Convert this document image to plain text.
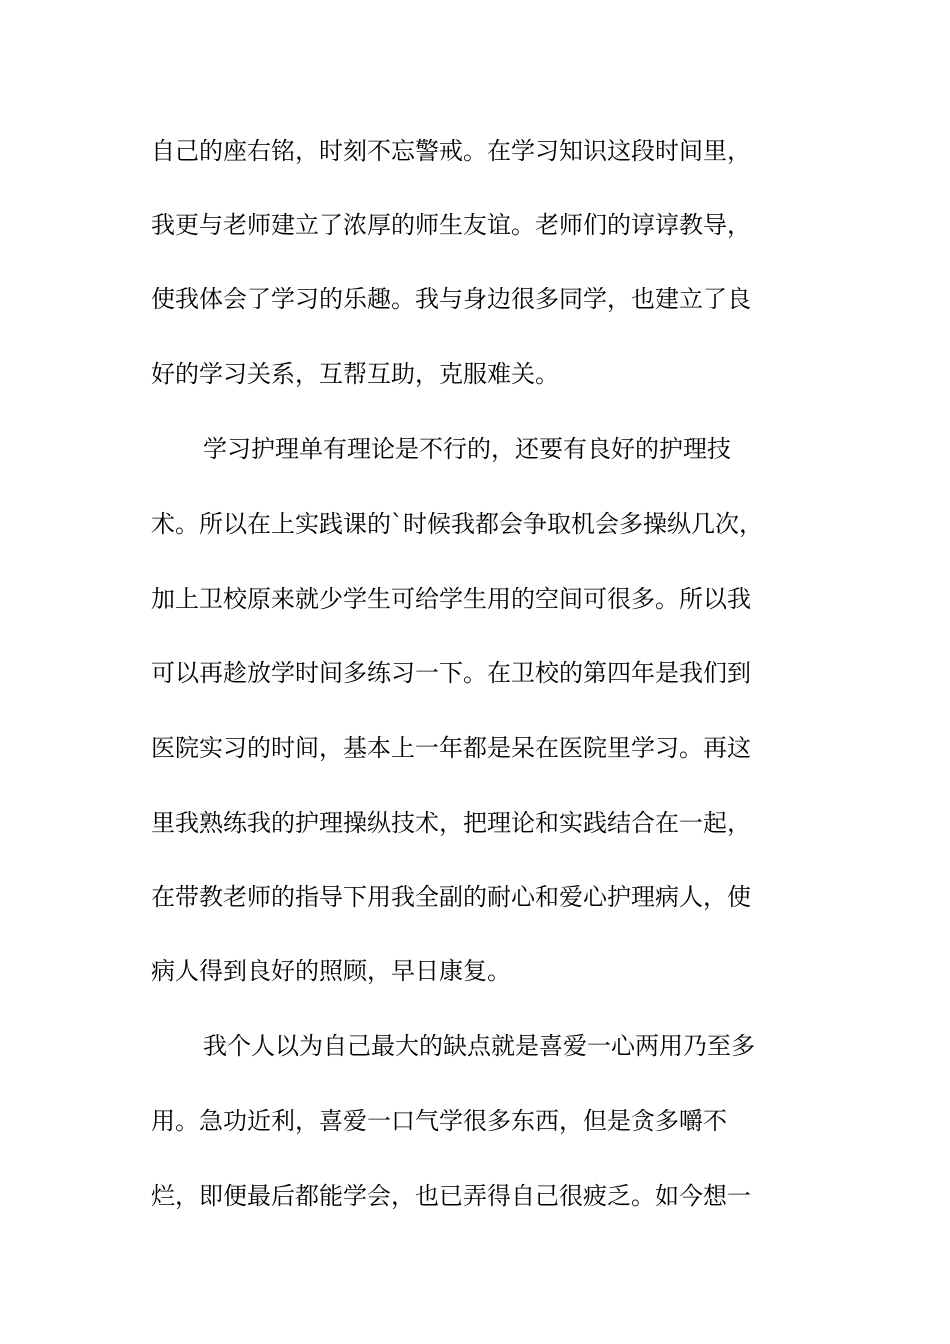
自己的座右铭，时刻不忘警戒。在学习知识这段时间里，
我更与老师建立了浓厚的师生友谊。老师们的谆谆教导，
使我体会了学习的乐趣。我与身边很多同学，也建立了良
好的学习关系，互帮互助，克服难关。
学习护理单有理论是不行的，还要有良好的护理技
术。所以在上实践课的`时候我都会争取机会多操纵几次，
加上卫校原来就少学生可给学生用的空间可很多。所以我
可以再趁放学时间多练习一下。在卫校的第四年是我们到
医院实习的时间，基本上一年都是呆在医院里学习。再这
里我熟练我的护理操纵技术，把理论和实践结合在一起，
在带教老师的指导下用我全副的耐心和爱心护理病人，使
病人得到良好的照顾，早日康复。
我个人以为自己最大的缺点就是喜爱一心两用乃至多
用。急功近利，喜爱一口气学很多东西，但是贪多嚼不
烂，即便最后都能学会，也已弄得自己很疲乏。如今想一
